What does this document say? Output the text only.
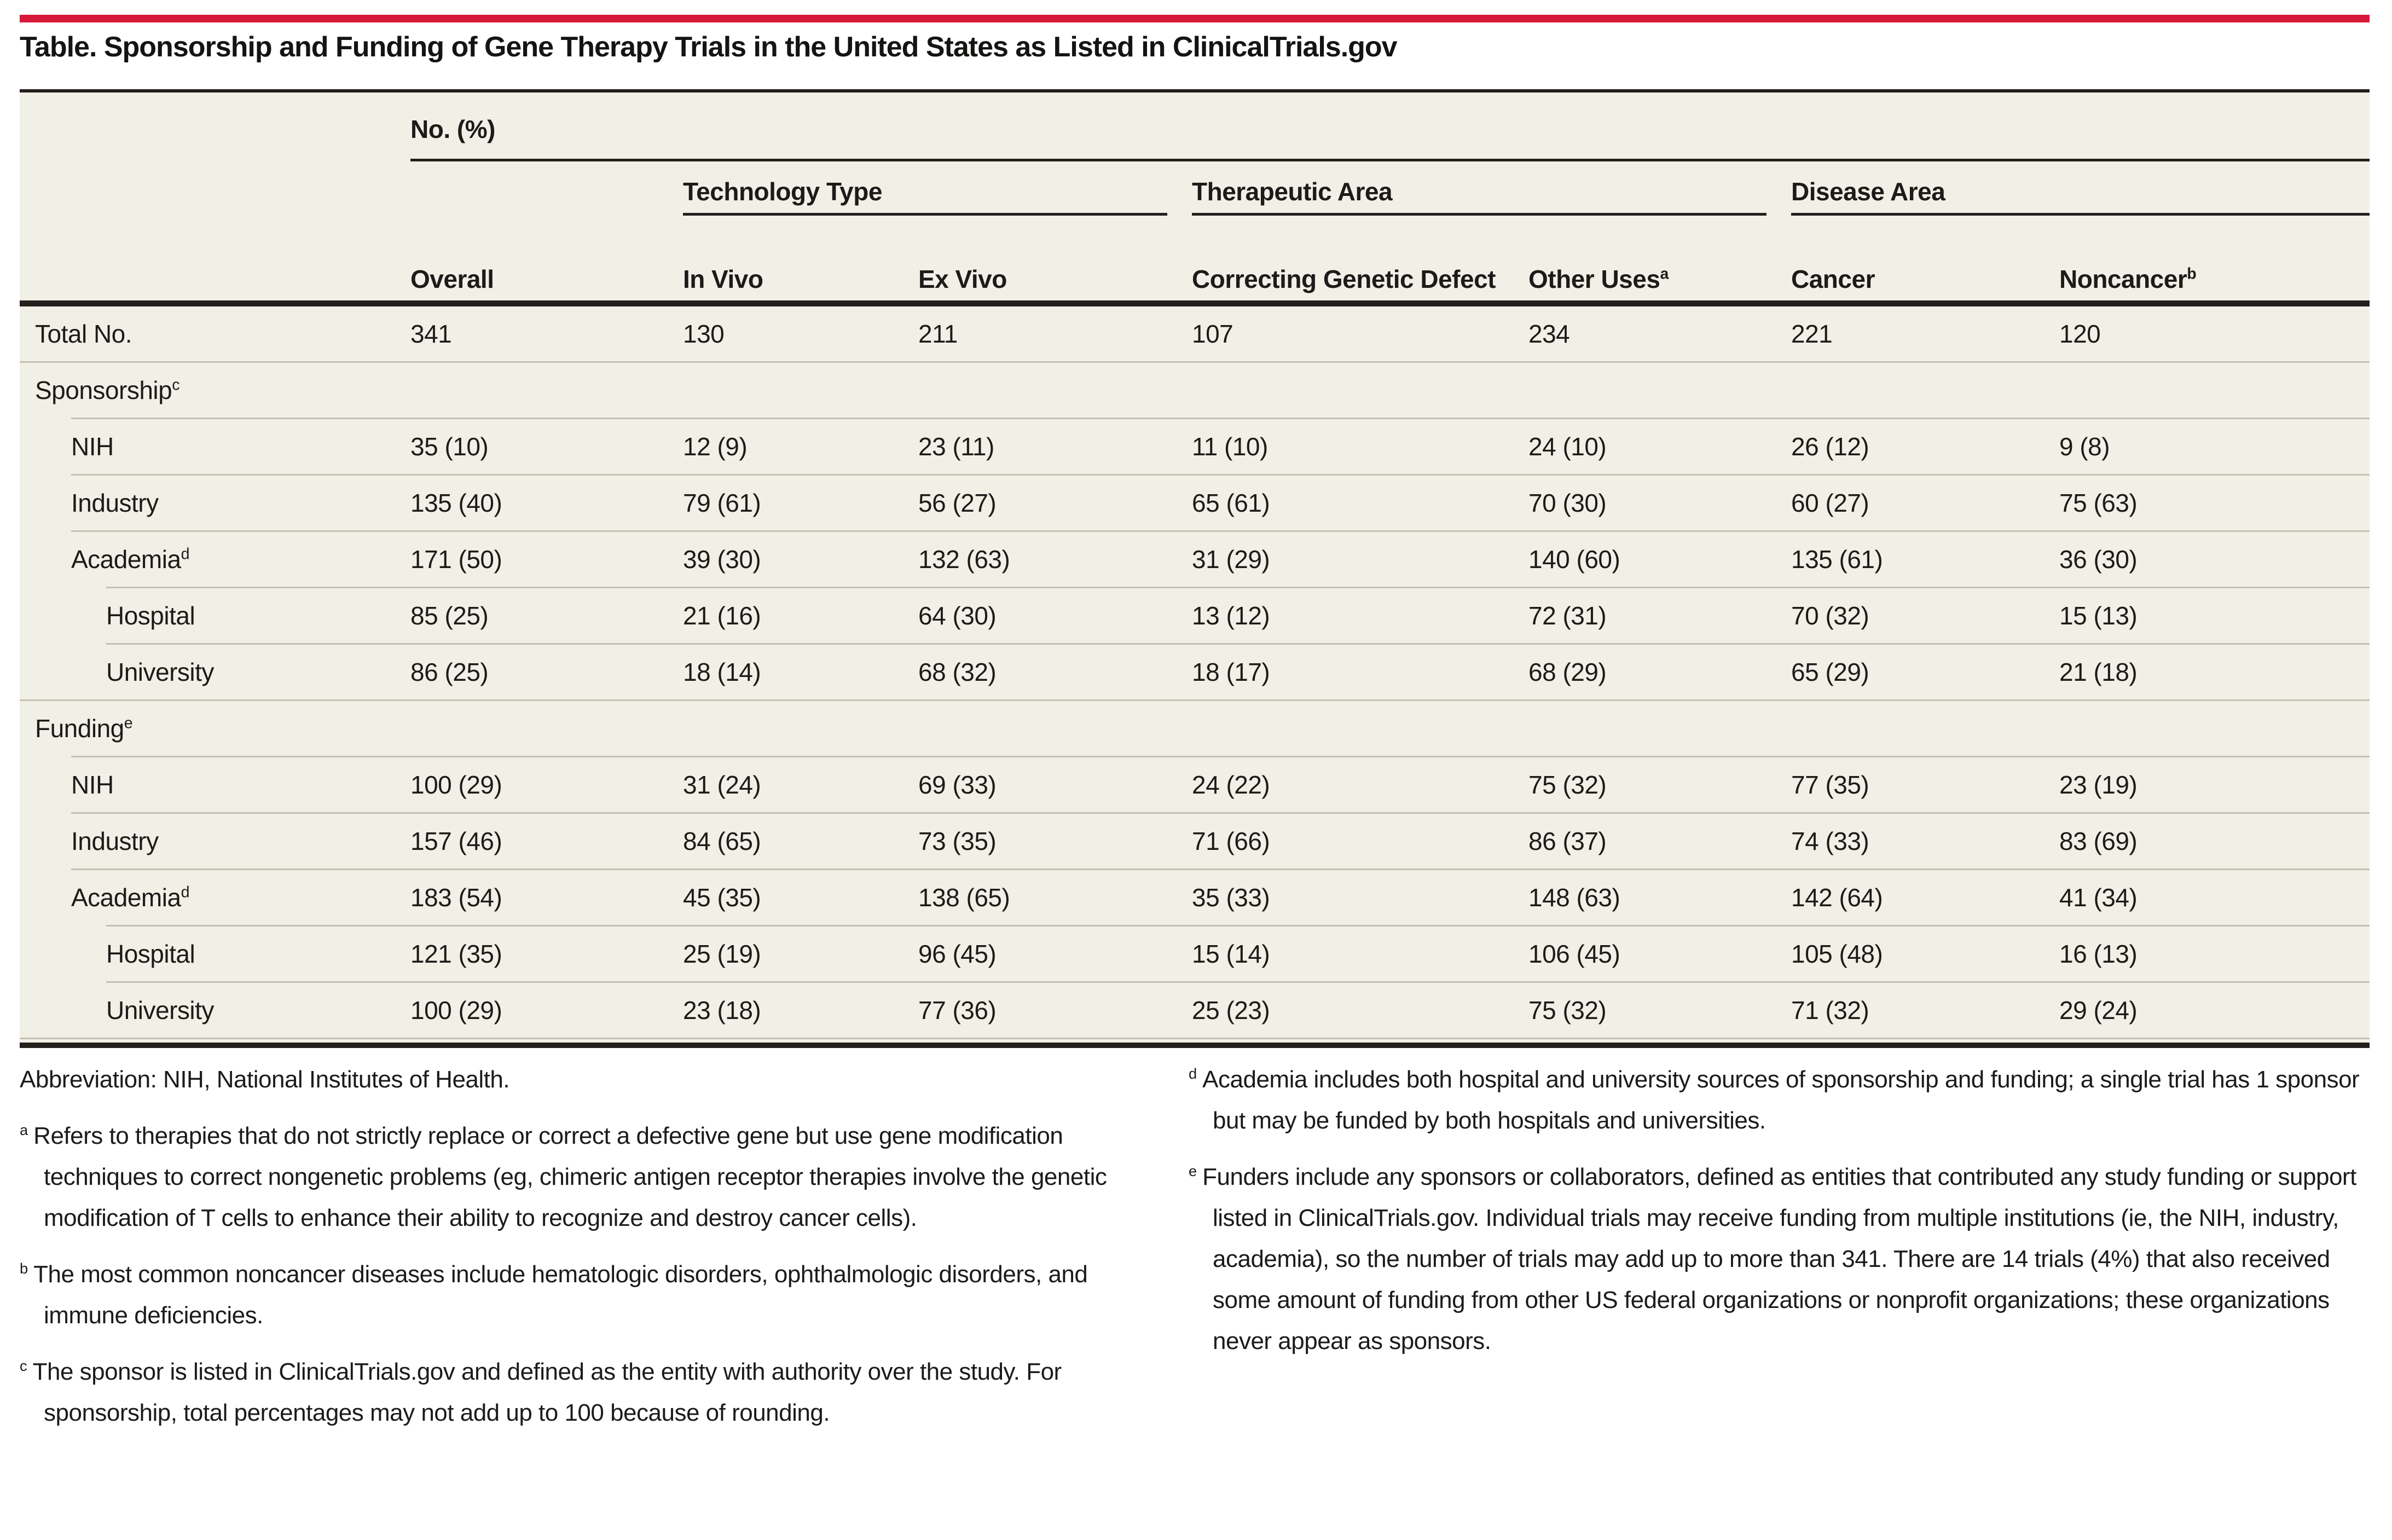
Table. Sponsorship and Funding of Gene Therapy Trials in the United States as Listed in ClinicalTrials.gov
No. (%)
Technology Type	Therapeutic Area	Disease Area
Overall	In Vivo	Ex Vivo	Correcting Genetic Defect	Other Uses$^a$	Cancer	Noncancer$^b$
Total No.	341	130	211	107	234	221	120
Sponsorship$^c$
NIH	35 (10)	12 (9)	23 (11)	11 (10)	24 (10)	26 (12)	9 (8)
Industry	135 (40)	79 (61)	56 (27)	65 (61)	70 (30)	60 (27)	75 (63)
Academia$^d$	171 (50)	39 (30)	132 (63)	31 (29)	140 (60)	135 (61)	36 (30)
Hospital	85 (25)	21 (16)	64 (30)	13 (12)	72 (31)	70 (32)	15 (13)
University	86 (25)	18 (14)	68 (32)	18 (17)	68 (29)	65 (29)	21 (18)
Funding$^e$
NIH	100 (29)	31 (24)	69 (33)	24 (22)	75 (32)	77 (35)	23 (19)
Industry	157 (46)	84 (65)	73 (35)	71 (66)	86 (37)	74 (33)	83 (69)
Academia$^d$	183 (54)	45 (35)	138 (65)	35 (33)	148 (63)	142 (64)	41 (34)
Hospital	121 (35)	25 (19)	96 (45)	15 (14)	106 (45)	105 (48)	16 (13)
University	100 (29)	23 (18)	77 (36)	25 (23)	75 (32)	71 (32)	29 (24)
Abbreviation: NIH, National Institutes of Health.
$^a$ Refers to therapies that do not strictly replace or correct a defective gene but use gene modification techniques to correct nongenetic problems (eg, chimeric antigen receptor therapies involve the genetic modification of T cells to enhance their ability to recognize and destroy cancer cells).
$^b$ The most common noncancer diseases include hematologic disorders, ophthalmologic disorders, and immune deficiencies.
$^c$ The sponsor is listed in ClinicalTrials.gov and defined as the entity with authority over the study. For sponsorship, total percentages may not add up to 100 because of rounding.
$^d$ Academia includes both hospital and university sources of sponsorship and funding; a single trial has 1 sponsor but may be funded by both hospitals and universities.
$^e$ Funders include any sponsors or collaborators, defined as entities that contributed any study funding or support listed in ClinicalTrials.gov. Individual trials may receive funding from multiple institutions (ie, the NIH, industry, academia), so the number of trials may add up to more than 341. There are 14 trials (4%) that also received some amount of funding from other US federal organizations or nonprofit organizations; these organizations never appear as sponsors.
